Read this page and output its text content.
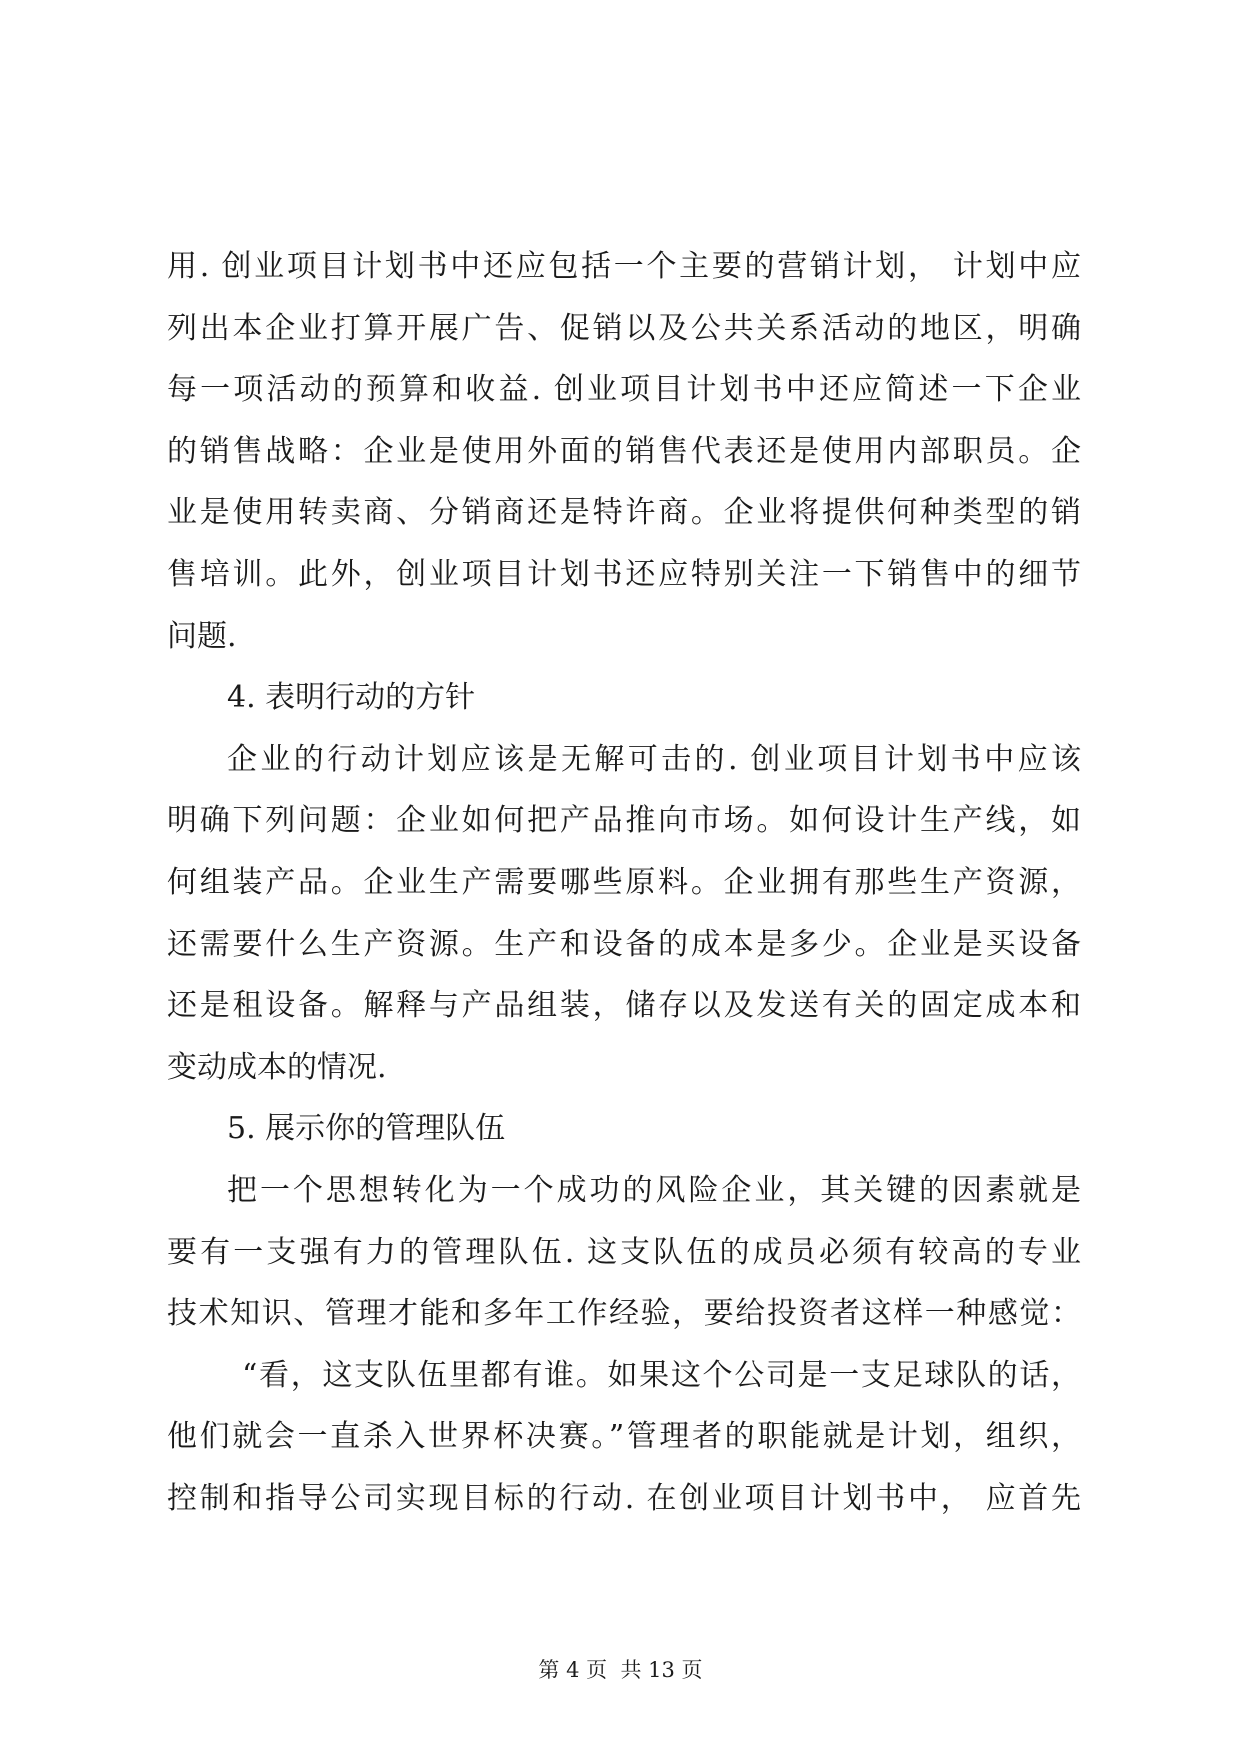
用. 创业项目计划书中还应包括一个主要的营销计划， 计划中应
列出本企业打算开展广告、促销以及公共关系活动的地区，明确
每一项活动的预算和收益. 创业项目计划书中还应简述一下企业
的销售战略：企业是使用外面的销售代表还是使用内部职员。企
业是使用转卖商、分销商还是特许商。企业将提供何种类型的销
售培训。此外，创业项目计划书还应特别关注一下销售中的细节
问题.
4. 表明行动的方针
企业的行动计划应该是无解可击的. 创业项目计划书中应该
明确下列问题：企业如何把产品推向市场。如何设计生产线，如
何组装产品。企业生产需要哪些原料。企业拥有那些生产资源，
还需要什么生产资源。生产和设备的成本是多少。企业是买设备
还是租设备。解释与产品组装，储存以及发送有关的固定成本和
变动成本的情况.
5. 展示你的管理队伍
把一个思想转化为一个成功的风险企业，其关键的因素就是
要有一支强有力的管理队伍. 这支队伍的成员必须有较高的专业
技术知识、管理才能和多年工作经验，要给投资者这样一种感觉：
“看，这支队伍里都有谁。如果这个公司是一支足球队的话，
他们就会一直杀入世界杯决赛。”管理者的职能就是计划，组织，
控制和指导公司实现目标的行动. 在创业项目计划书中， 应首先
第 4 页  共 13 页
